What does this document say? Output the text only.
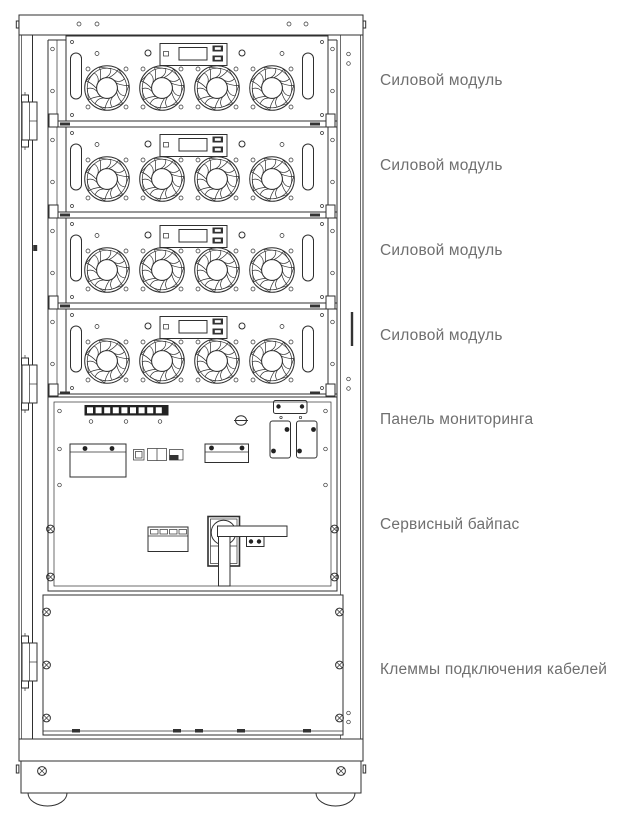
Силовой модуль
Силовой модуль
Силовой модуль
Силовой модуль
Панель мониторинга
Сервисный байпас
Клеммы подключения кабелей
